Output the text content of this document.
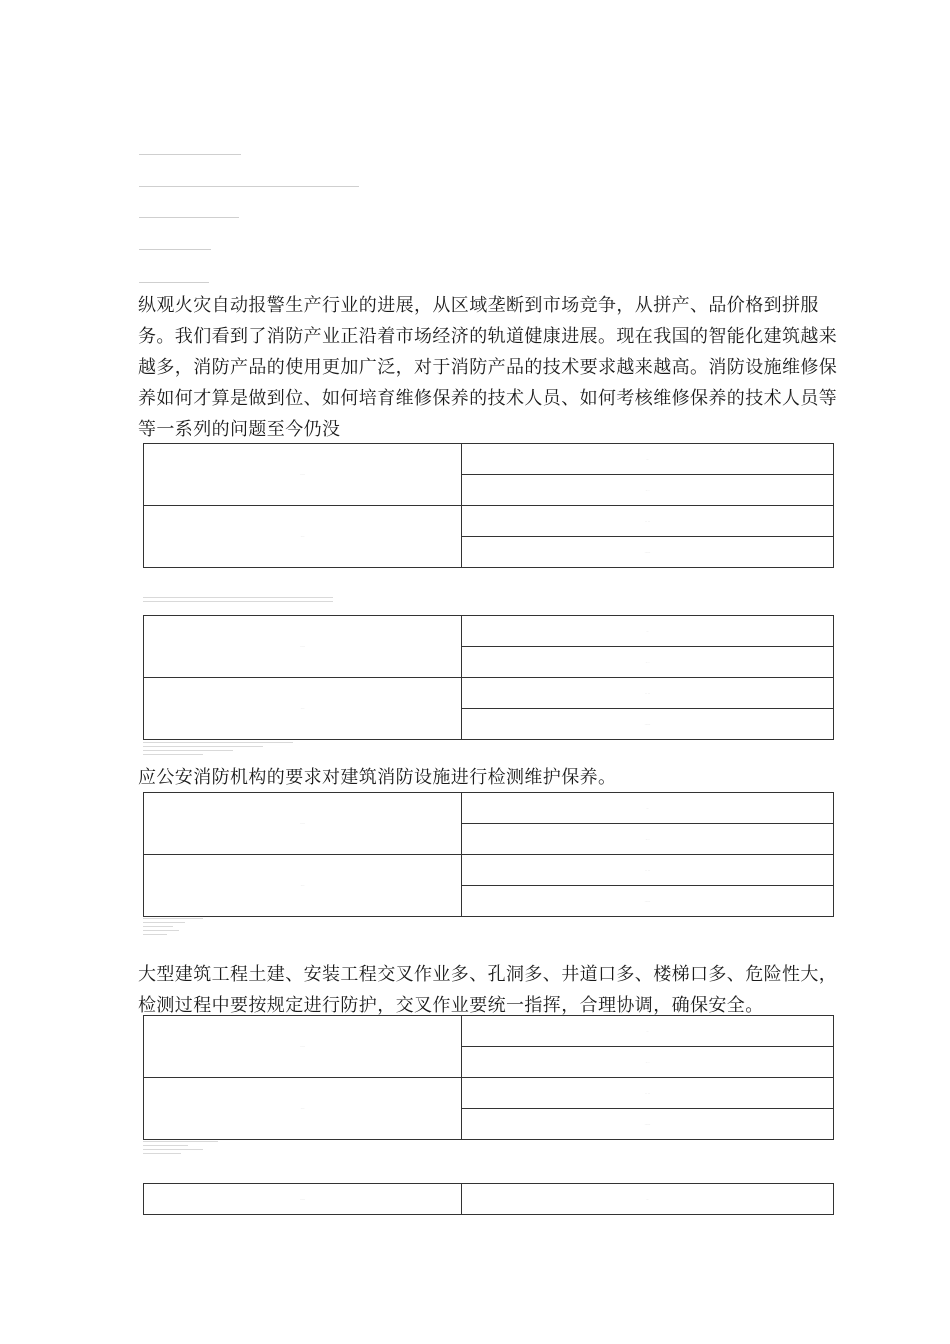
纵观火灾自动报警生产行业的进展，从区域垄断到市场竞争，从拼产、品价格到拼服务。我们看到了消防产业正沿着市场经济的轨道健康进展。现在我国的智能化建筑越来越多，消防产品的使用更加广泛，对于消防产品的技术要求越来越高。消防设施维修保养如何才算是做到位、如何培育维修保养的技术人员、如何考核维修保养的技术人员等等一系列的问题至今仍没

·····	··
	·· ·
····	·· ··
	······
·····	··
	·· ·
····	·· ··
	······

应公安消防机构的要求对建筑消防设施进行检测维护保养。

·····	··
	·· ·
····	·· ··
	······

大型建筑工程土建、安装工程交叉作业多、孔洞多、井道口多、楼梯口多、危险性大，检测过程中要按规定进行防护，交叉作业要统一指挥，合理协调，确保安全。

·····	··
	·· ·
····	·· ··
	······
·····	··
